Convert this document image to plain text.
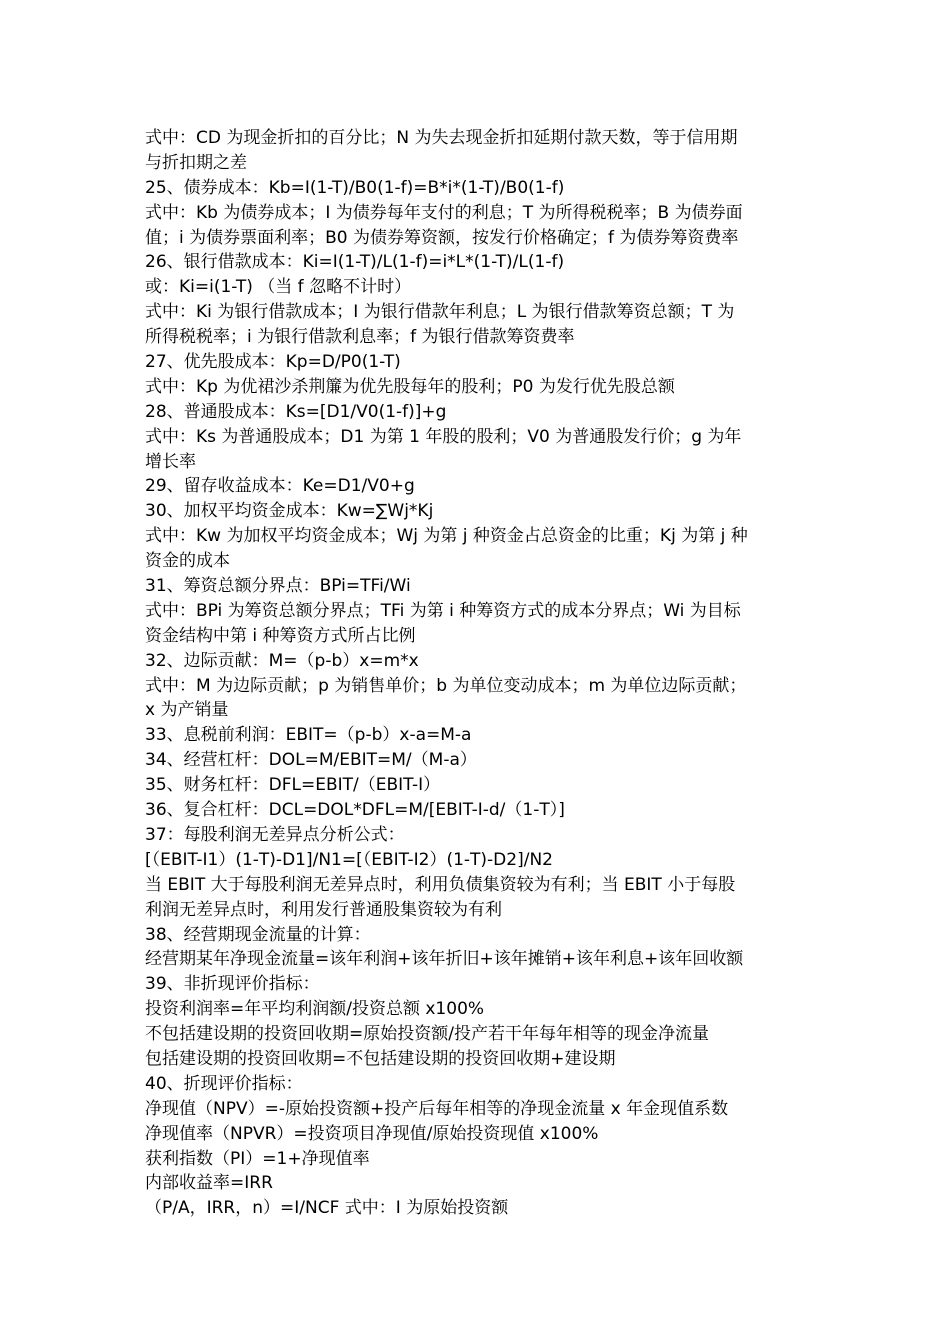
式中：CD 为现金折扣的百分比；N 为失去现金折扣延期付款天数，等于信用期
与折扣期之差
25、债券成本：Kb=I(1-T)/B0(1-f)=B*i*(1-T)/B0(1-f)
式中：Kb 为债券成本；I 为债券每年支付的利息；T 为所得税税率；B 为债券面
值；i 为债券票面利率；B0 为债券筹资额，按发行价格确定；f 为债券筹资费率
26、银行借款成本：Ki=I(1-T)/L(1-f)=i*L*(1-T)/L(1-f)
或：Ki=i(1-T) （当 f 忽略不计时）
式中：Ki 为银行借款成本；I 为银行借款年利息；L 为银行借款筹资总额；T 为
所得税税率；i 为银行借款利息率；f 为银行借款筹资费率
27、优先股成本：Kp=D/P0(1-T)
式中：Kp 为优裙沙杀荆簾为优先股每年的股利；P0 为发行优先股总额
28、普通股成本：Ks=[D1/V0(1-f)]+g
式中：Ks 为普通股成本；D1 为第 1 年股的股利；V0 为普通股发行价；g 为年
增长率
29、留存收益成本：Ke=D1/V0+g
30、加权平均资金成本：Kw=∑Wj*Kj
式中：Kw 为加权平均资金成本；Wj 为第 j 种资金占总资金的比重；Kj 为第 j 种
资金的成本
31、筹资总额分界点：BPi=TFi/Wi
式中：BPi 为筹资总额分界点；TFi 为第 i 种筹资方式的成本分界点；Wi 为目标
资金结构中第 i 种筹资方式所占比例
32、边际贡献：M=（p-b）x=m*x
式中：M 为边际贡献；p 为销售单价；b 为单位变动成本；m 为单位边际贡献；
x 为产销量
33、息税前利润：EBIT=（p-b）x-a=M-a
34、经营杠杆：DOL=M/EBIT=M/（M-a）
35、财务杠杆：DFL=EBIT/（EBIT-I）
36、复合杠杆：DCL=DOL*DFL=M/[EBIT-I-d/（1-T）]
37：每股利润无差异点分析公式：
[（EBIT-I1）(1-T)-D1]/N1=[（EBIT-I2）(1-T)-D2]/N2
当 EBIT 大于每股利润无差异点时，利用负债集资较为有利；当 EBIT 小于每股
利润无差异点时，利用发行普通股集资较为有利
38、经营期现金流量的计算：
经营期某年净现金流量=该年利润+该年折旧+该年摊销+该年利息+该年回收额
39、非折现评价指标：
投资利润率=年平均利润额/投资总额 x100%
不包括建设期的投资回收期=原始投资额/投产若干年每年相等的现金净流量
包括建设期的投资回收期=不包括建设期的投资回收期+建设期
40、折现评价指标：
净现值（NPV）=-原始投资额+投产后每年相等的净现金流量 x 年金现值系数
净现值率（NPVR）=投资项目净现值/原始投资现值 x100%
获利指数（PI）=1+净现值率
内部收益率=IRR
（P/A，IRR，n）=I/NCF 式中：I 为原始投资额
